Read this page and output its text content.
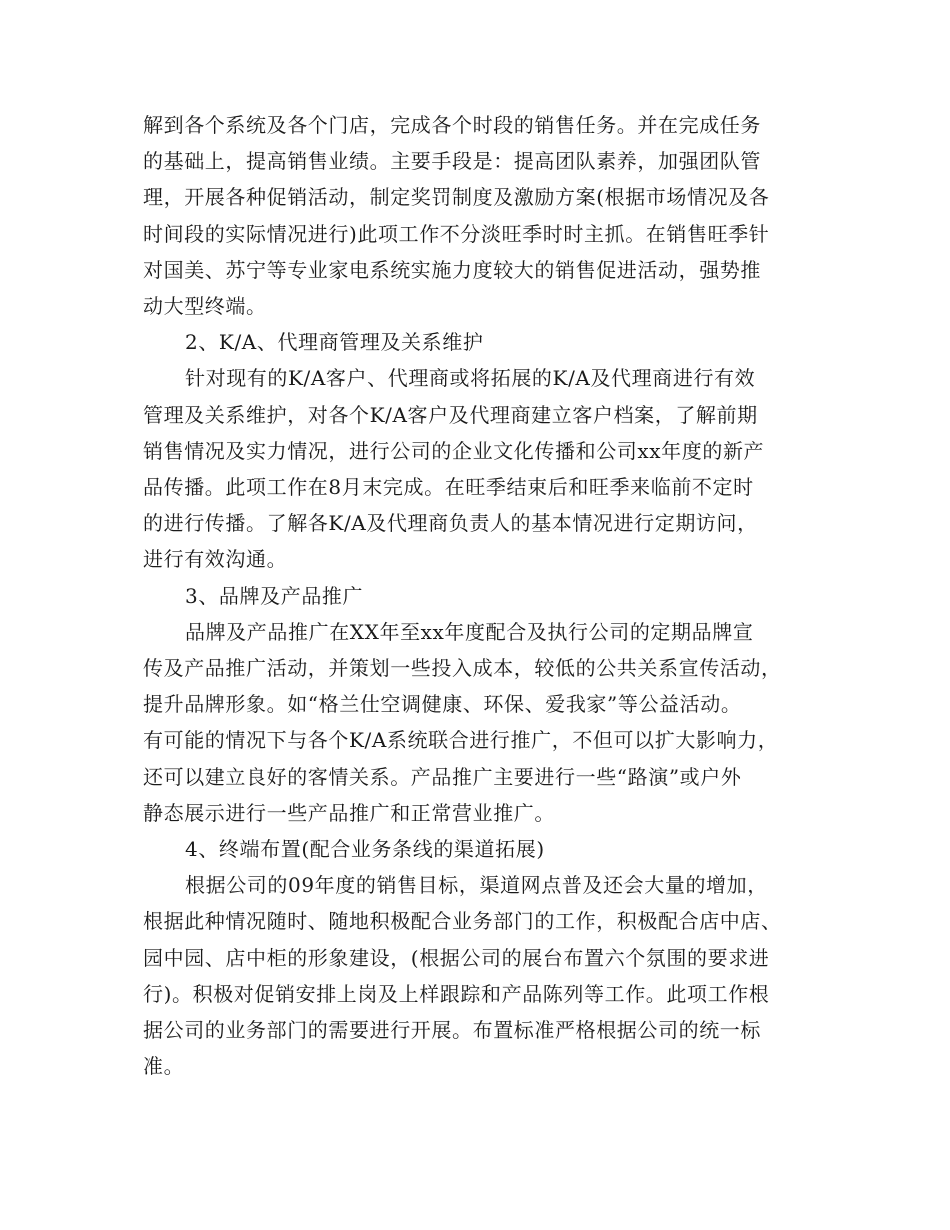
解到各个系统及各个门店，完成各个时段的销售任务。并在完成任务
的基础上，提高销售业绩。主要手段是：提高团队素养，加强团队管
理，开展各种促销活动，制定奖罚制度及激励方案(根据市场情况及各
时间段的实际情况进行)此项工作不分淡旺季时时主抓。在销售旺季针
对国美、苏宁等专业家电系统实施力度较大的销售促进活动，强势推
动大型终端。
2、K/A、代理商管理及关系维护
针对现有的K/A客户、代理商或将拓展的K/A及代理商进行有效
管理及关系维护，对各个K/A客户及代理商建立客户档案，了解前期
销售情况及实力情况，进行公司的企业文化传播和公司xx年度的新产
品传播。此项工作在8月末完成。在旺季结束后和旺季来临前不定时
的进行传播。了解各K/A及代理商负责人的基本情况进行定期访问，
进行有效沟通。
3、品牌及产品推广
品牌及产品推广在XX年至xx年度配合及执行公司的定期品牌宣
传及产品推广活动，并策划一些投入成本，较低的公共关系宣传活动，
提升品牌形象。如“格兰仕空调健康、环保、爱我家”等公益活动。
有可能的情况下与各个K/A系统联合进行推广，不但可以扩大影响力，
还可以建立良好的客情关系。产品推广主要进行一些“路演”或户外
静态展示进行一些产品推广和正常营业推广。
4、终端布置(配合业务条线的渠道拓展)
根据公司的09年度的销售目标，渠道网点普及还会大量的增加，
根据此种情况随时、随地积极配合业务部门的工作，积极配合店中店、
园中园、店中柜的形象建设，(根据公司的展台布置六个氛围的要求进
行)。积极对促销安排上岗及上样跟踪和产品陈列等工作。此项工作根
据公司的业务部门的需要进行开展。布置标准严格根据公司的统一标
准。
